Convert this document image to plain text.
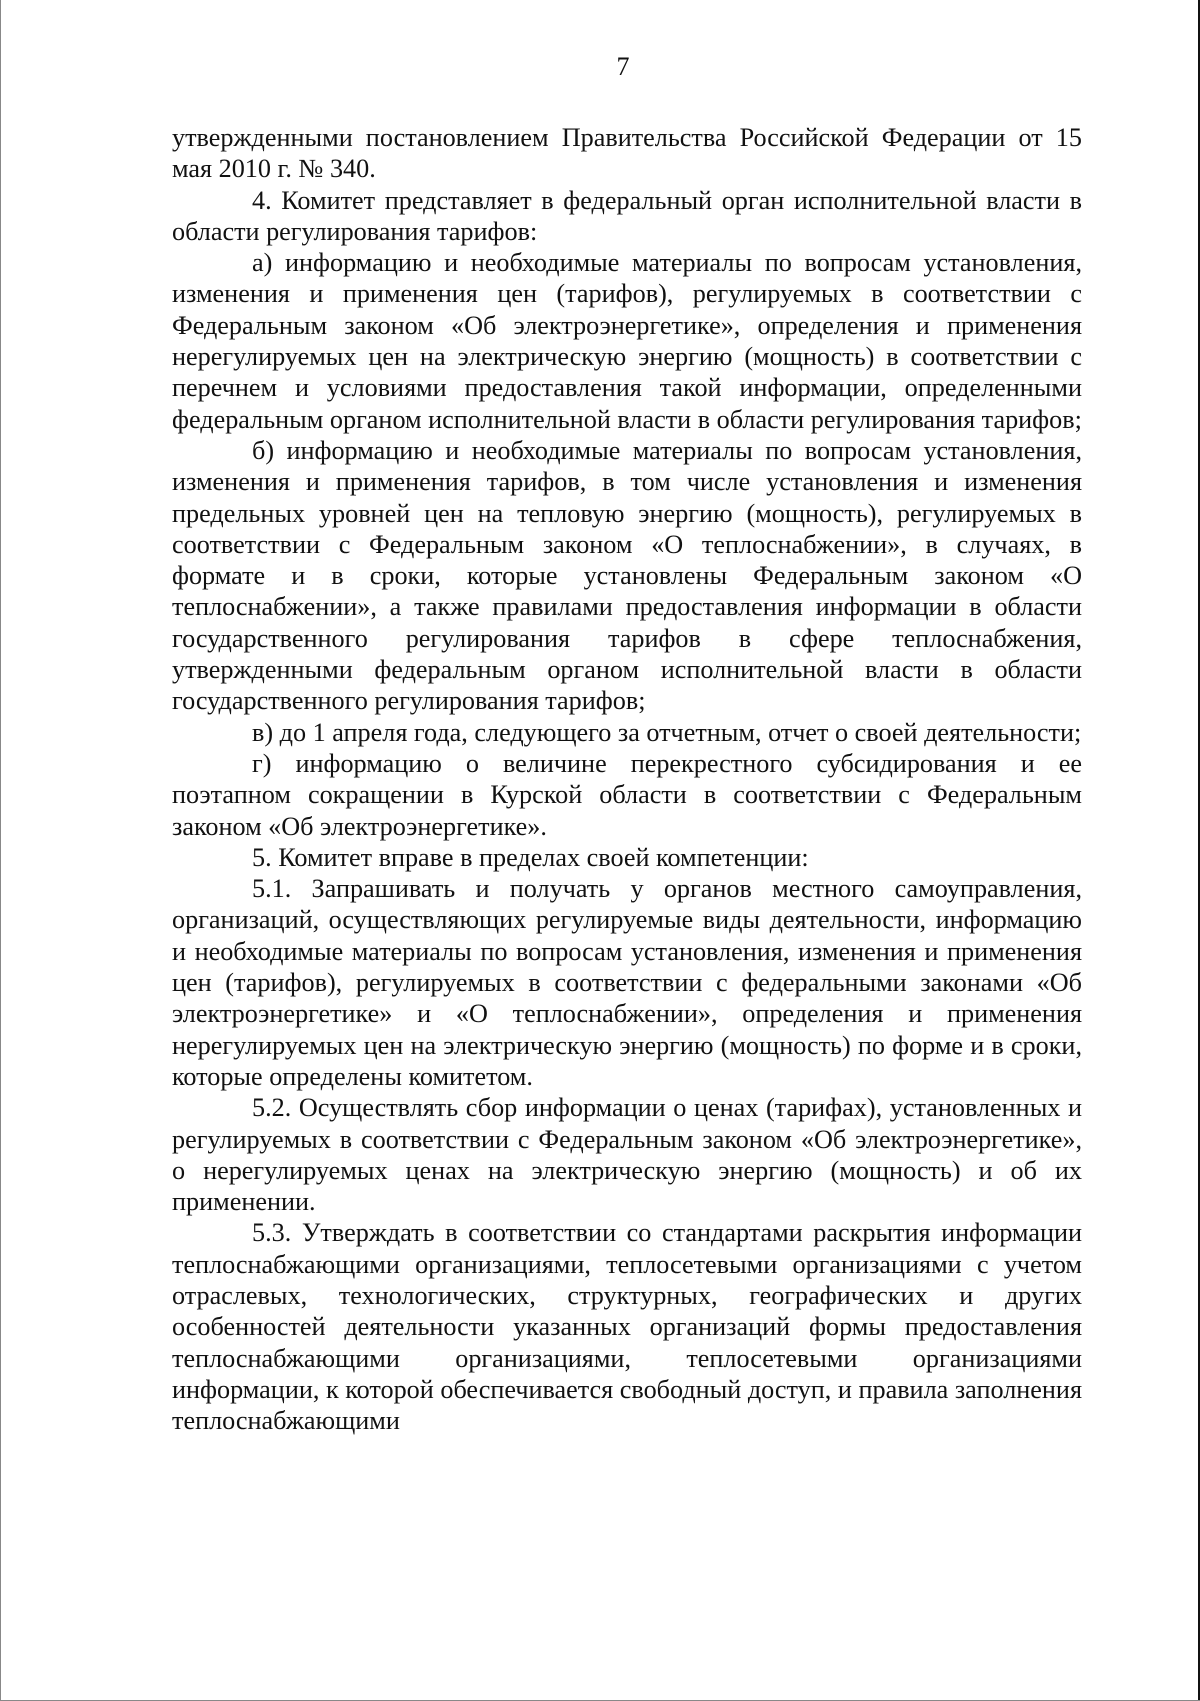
7

утвержденными постановлением Правительства Российской Федерации от 15 мая 2010 г. № 340.

4. Комитет представляет в федеральный орган исполнительной власти в области регулирования тарифов:

а) информацию и необходимые материалы по вопросам установления, изменения и применения цен (тарифов), регулируемых в соответствии с Федеральным законом «Об электроэнергетике», определения и применения нерегулируемых цен на электрическую энергию (мощность) в соответствии с перечнем и условиями предоставления такой информации, определенными федеральным органом исполнительной власти в области регулирования тарифов;

б) информацию и необходимые материалы по вопросам установления, изменения и применения тарифов, в том числе установления и изменения предельных уровней цен на тепловую энергию (мощность), регулируемых в соответствии с Федеральным законом «О теплоснабжении», в случаях, в формате и в сроки, которые установлены Федеральным законом «О теплоснабжении», а также правилами предоставления информации в области государственного регулирования тарифов в сфере теплоснабжения, утвержденными федеральным органом исполнительной власти в области государственного регулирования тарифов;

в) до 1 апреля года, следующего за отчетным, отчет о своей деятельности;

г) информацию о величине перекрестного субсидирования и ее поэтапном сокращении в Курской области в соответствии с Федеральным законом «Об электроэнергетике».

5. Комитет вправе в пределах своей компетенции:

5.1. Запрашивать и получать у органов местного самоуправления, организаций, осуществляющих регулируемые виды деятельности, информацию и необходимые материалы по вопросам установления, изменения и применения цен (тарифов), регулируемых в соответствии с федеральными законами «Об электроэнергетике» и «О теплоснабжении», определения и применения нерегулируемых цен на электрическую энергию (мощность) по форме и в сроки, которые определены комитетом.

5.2. Осуществлять сбор информации о ценах (тарифах), установленных и регулируемых в соответствии с Федеральным законом «Об электроэнергетике», о нерегулируемых ценах на электрическую энергию (мощность) и об их применении.

5.3. Утверждать в соответствии со стандартами раскрытия информации теплоснабжающими организациями, теплосетевыми организациями с учетом отраслевых, технологических, структурных, географических и других особенностей деятельности указанных организаций формы предоставления теплоснабжающими организациями, теплосетевыми организациями информации, к которой обеспечивается свободный доступ, и правила заполнения теплоснабжающими
